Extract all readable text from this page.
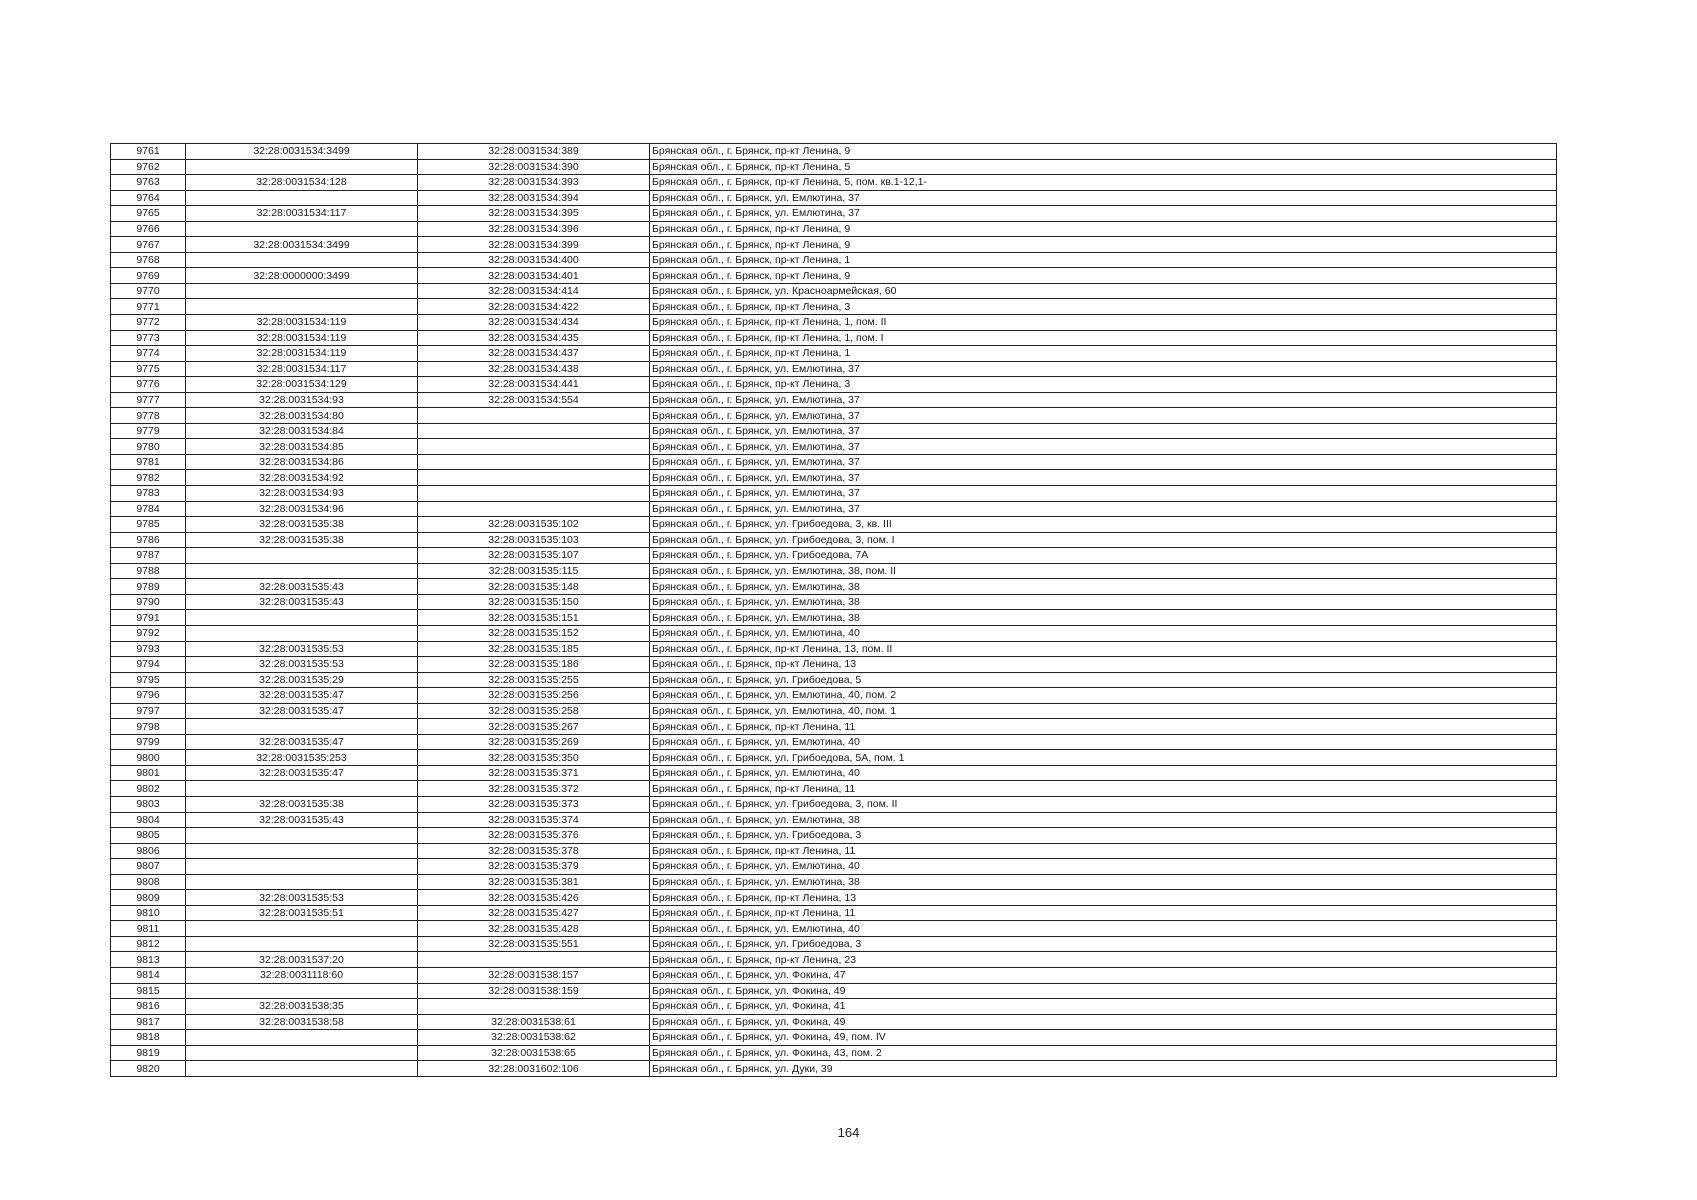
9761	32:28:0031534:3499	32:28:0031534:389	Брянская обл., г. Брянск, пр-кт Ленина, 9
9762		32:28:0031534:390	Брянская обл., г. Брянск, пр-кт Ленина, 5
9763	32:28:0031534:128	32:28:0031534:393	Брянская обл., г. Брянск, пр-кт Ленина, 5, пом. кв.1-12,1-
9764		32:28:0031534:394	Брянская обл., г. Брянск, ул. Емлютина, 37
9765	32:28:0031534:117	32:28:0031534:395	Брянская обл., г. Брянск, ул. Емлютина, 37
9766		32:28:0031534:396	Брянская обл., г. Брянск, пр-кт Ленина, 9
9767	32:28:0031534:3499	32:28:0031534:399	Брянская обл., г. Брянск, пр-кт Ленина, 9
9768		32:28:0031534:400	Брянская обл., г. Брянск, пр-кт Ленина, 1
9769	32:28:0000000:3499	32:28:0031534:401	Брянская обл., г. Брянск, пр-кт Ленина, 9
9770		32:28:0031534:414	Брянская обл., г. Брянск, ул. Красноармейская, 60
9771		32:28:0031534:422	Брянская обл., г. Брянск, пр-кт Ленина, 3
9772	32:28:0031534:119	32:28:0031534:434	Брянская обл., г. Брянск, пр-кт Ленина, 1, пом. II
9773	32:28:0031534:119	32:28:0031534:435	Брянская обл., г. Брянск, пр-кт Ленина, 1, пом. I
9774	32:28:0031534:119	32:28:0031534:437	Брянская обл., г. Брянск, пр-кт Ленина, 1
9775	32:28:0031534:117	32:28:0031534:438	Брянская обл., г. Брянск, ул. Емлютина, 37
9776	32:28:0031534:129	32:28:0031534:441	Брянская обл., г. Брянск, пр-кт Ленина, 3
9777	32:28:0031534:93	32:28:0031534:554	Брянская обл., г. Брянск, ул. Емлютина, 37
9778	32:28:0031534:80		Брянская обл., г. Брянск, ул. Емлютина, 37
9779	32:28:0031534:84		Брянская обл., г. Брянск, ул. Емлютина, 37
9780	32:28:0031534:85		Брянская обл., г. Брянск, ул. Емлютина, 37
9781	32:28:0031534:86		Брянская обл., г. Брянск, ул. Емлютина, 37
9782	32:28:0031534:92		Брянская обл., г. Брянск, ул. Емлютина, 37
9783	32:28:0031534:93		Брянская обл., г. Брянск, ул. Емлютина, 37
9784	32:28:0031534:96		Брянская обл., г. Брянск, ул. Емлютина, 37
9785	32:28:0031535:38	32:28:0031535:102	Брянская обл., г. Брянск, ул. Грибоедова, 3, кв. III
9786	32:28:0031535:38	32:28:0031535:103	Брянская обл., г. Брянск, ул. Грибоедова, 3, пом. I
9787		32:28:0031535:107	Брянская обл., г. Брянск, ул. Грибоедова, 7А
9788		32:28:0031535:115	Брянская обл., г. Брянск, ул. Емлютина, 38, пом. II
9789	32:28:0031535:43	32:28:0031535:148	Брянская обл., г. Брянск, ул. Емлютина, 38
9790	32:28:0031535:43	32:28:0031535:150	Брянская обл., г. Брянск, ул. Емлютина, 38
9791		32:28:0031535:151	Брянская обл., г. Брянск, ул. Емлютина, 38
9792		32:28:0031535:152	Брянская обл., г. Брянск, ул. Емлютина, 40
9793	32:28:0031535:53	32:28:0031535:185	Брянская обл., г. Брянск, пр-кт Ленина, 13, пом. II
9794	32:28:0031535:53	32:28:0031535:186	Брянская обл., г. Брянск, пр-кт Ленина, 13
9795	32:28:0031535:29	32:28:0031535:255	Брянская обл., г. Брянск, ул. Грибоедова, 5
9796	32:28:0031535:47	32:28:0031535:256	Брянская обл., г. Брянск, ул. Емлютина, 40, пом. 2
9797	32:28:0031535:47	32:28:0031535:258	Брянская обл., г. Брянск, ул. Емлютина, 40, пом. 1
9798		32:28:0031535:267	Брянская обл., г. Брянск, пр-кт Ленина, 11
9799	32:28:0031535:47	32:28:0031535:269	Брянская обл., г. Брянск, ул. Емлютина, 40
9800	32:28:0031535:253	32:28:0031535:350	Брянская обл., г. Брянск, ул. Грибоедова, 5А, пом. 1
9801	32:28:0031535:47	32:28:0031535:371	Брянская обл., г. Брянск, ул. Емлютина, 40
9802		32:28:0031535:372	Брянская обл., г. Брянск, пр-кт Ленина, 11
9803	32:28:0031535:38	32:28:0031535:373	Брянская обл., г. Брянск, ул. Грибоедова, 3, пом. II
9804	32:28:0031535:43	32:28:0031535:374	Брянская обл., г. Брянск, ул. Емлютина, 38
9805		32:28:0031535:376	Брянская обл., г. Брянск, ул. Грибоедова, 3
9806		32:28:0031535:378	Брянская обл., г. Брянск, пр-кт Ленина, 11
9807		32:28:0031535:379	Брянская обл., г. Брянск, ул. Емлютина, 40
9808		32:28:0031535:381	Брянская обл., г. Брянск, ул. Емлютина, 38
9809	32:28:0031535:53	32:28:0031535:426	Брянская обл., г. Брянск, пр-кт Ленина, 13
9810	32:28:0031535:51	32:28:0031535:427	Брянская обл., г. Брянск, пр-кт Ленина, 11
9811		32:28:0031535:428	Брянская обл., г. Брянск, ул. Емлютина, 40
9812		32:28:0031535:551	Брянская обл., г. Брянск, ул. Грибоедова, 3
9813	32:28:0031537:20		Брянская обл., г. Брянск, пр-кт Ленина, 23
9814	32:28:0031118:60	32:28:0031538:157	Брянская обл., г. Брянск, ул. Фокина, 47
9815		32:28:0031538:159	Брянская обл., г. Брянск, ул. Фокина, 49
9816	32:28:0031538:35		Брянская обл., г. Брянск, ул. Фокина, 41
9817	32:28:0031538:58	32:28:0031538:61	Брянская обл., г. Брянск, ул. Фокина, 49
9818		32:28:0031538:62	Брянская обл., г. Брянск, ул. Фокина, 49, пом. IV
9819		32:28:0031538:65	Брянская обл., г. Брянск, ул. Фокина, 43, пом. 2
9820		32:28:0031602:106	Брянская обл., г. Брянск, ул. Дуки, 39
164
